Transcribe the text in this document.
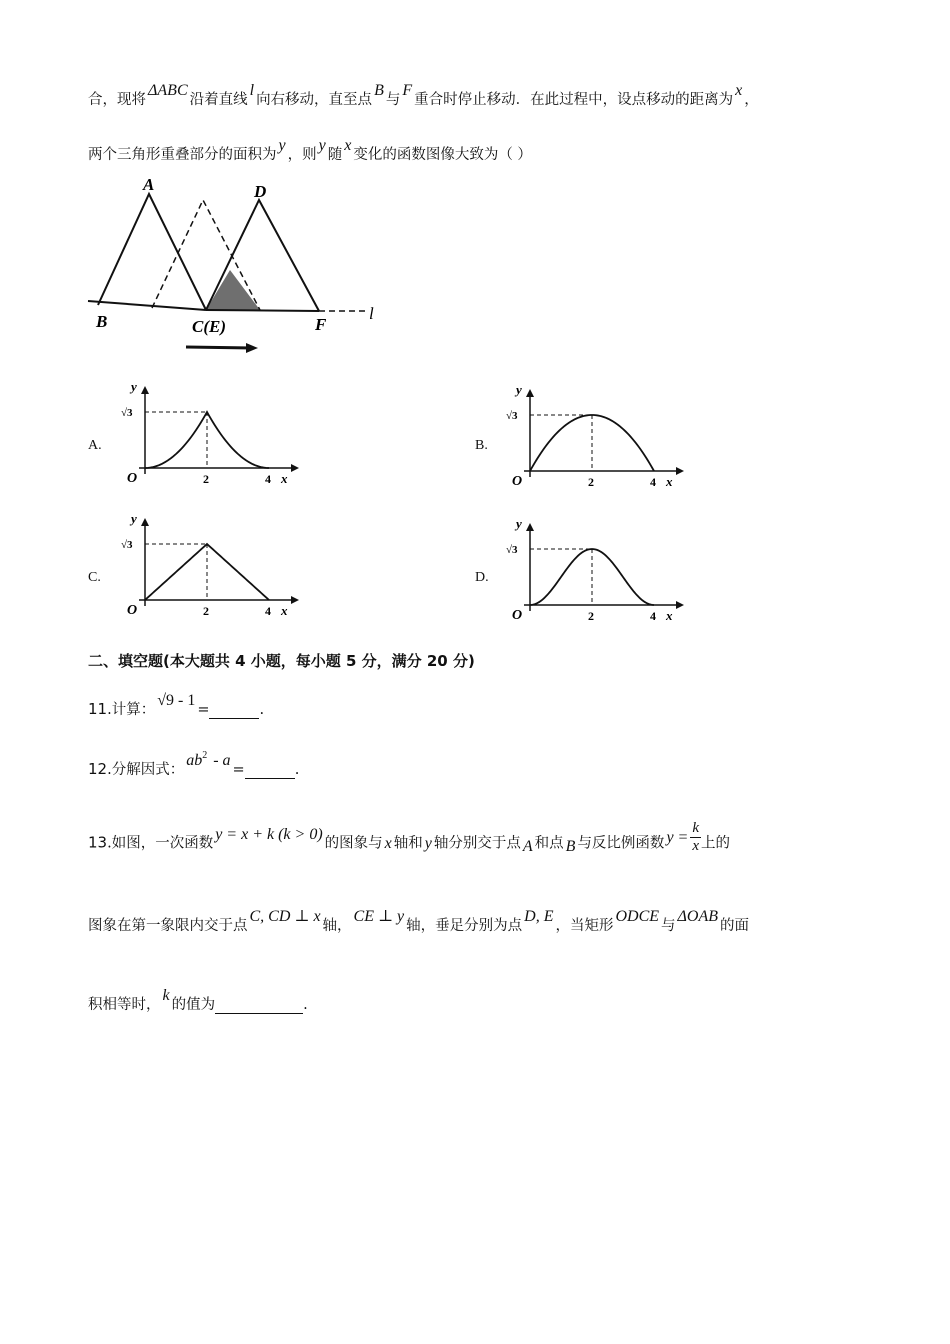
合，现将ΔABC沿着直线l向右移动，直至点B与F重合时停止移动．在此过程中，设点移动的距离为x，
两个三角形重叠部分的面积为y，则y随x变化的函数图像大致为（ ）
A	D
B	C(E)	F
l
A.	B.
C.	D.
y
√3
O	2	4 x
y
√3
O	2	4 x
y
√3
O	2	4 x
y
√3
O	2	4 x
二、填空题(本大题共 4 小题，每小题 5 分，满分 20 分)
11.计算：√9 - 1=	.
12.分解因式：$ab^2 - a=$	.
13.如图，一次函数y = x + k (k > 0)的图象与 x 轴和 y 轴分别交于点 A 和点 B 与反比例函数 $y = \frac{k}{x}$ 上的
图象在第一象限内交于点C, CD ⊥ x轴，CE ⊥ y轴，垂足分别为点D, E，当矩形ODCE与ΔOAB的面
积相等时，k的值为	.
